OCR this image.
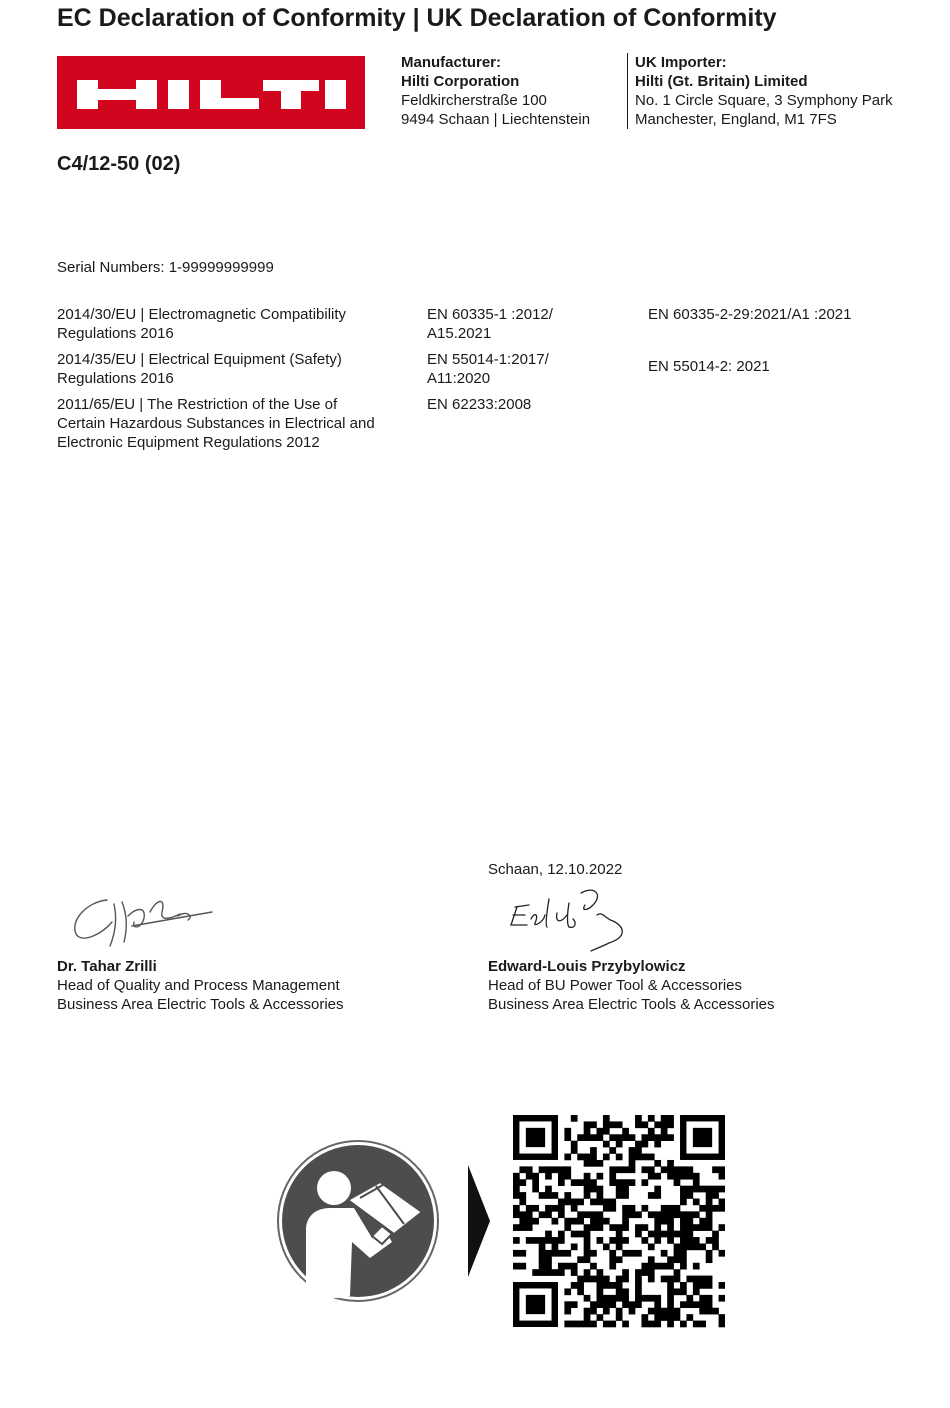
EC Declaration of Conformity | UK Declaration of Conformity
Manufacturer:
Hilti Corporation
Feldkircherstraße 100
9494 Schaan | Liechtenstein
UK Importer:
Hilti (Gt. Britain) Limited
No. 1 Circle Square, 3 Symphony Park
Manchester, England, M1 7FS
C4/12-50 (02)
Serial Numbers: 1-99999999999
2014/30/EU | Electromagnetic Compatibility
Regulations 2016
EN 60335-1 :2012/
A15.2021
EN 60335-2-29:2021/A1 :2021
2014/35/EU | Electrical Equipment (Safety)
Regulations 2016
EN 55014-1:2017/
A11:2020
EN 55014-2: 2021
2011/65/EU | The Restriction of the Use of
Certain Hazardous Substances in Electrical and
Electronic Equipment Regulations 2012
EN 62233:2008
Schaan, 12.10.2022
Dr. Tahar Zrilli
Head of Quality and Process Management
Business Area Electric Tools & Accessories
Edward-Louis Przybylowicz
Head of BU Power Tool & Accessories
Business Area Electric Tools & Accessories
